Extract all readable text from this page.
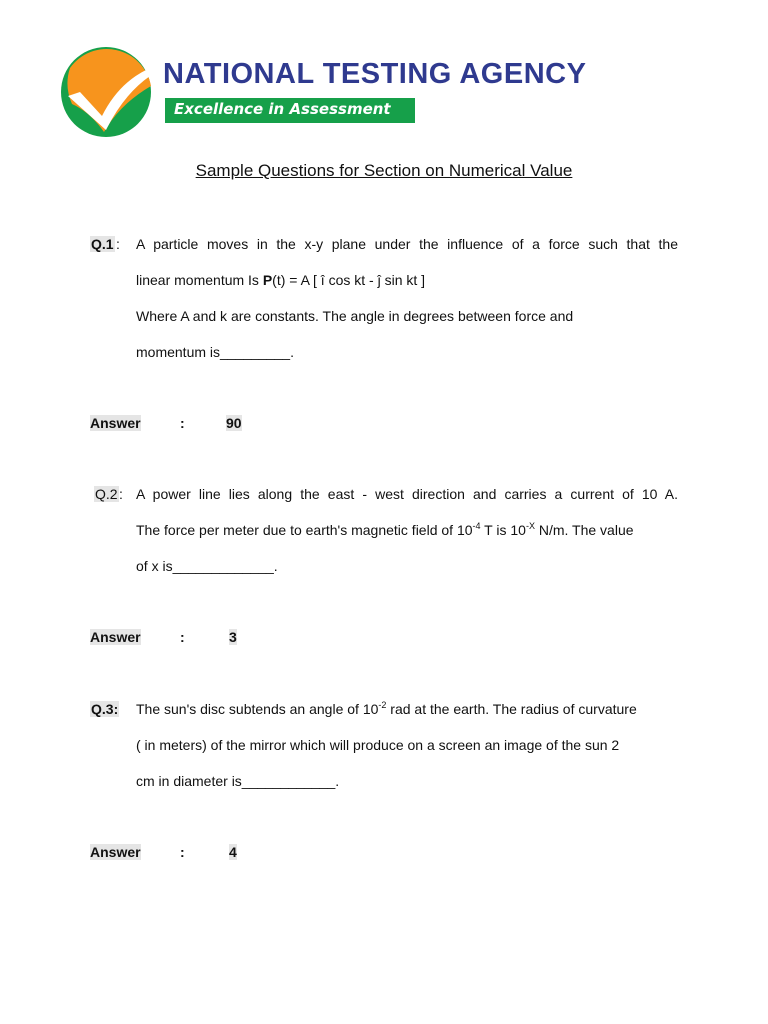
NATIONAL TESTING AGENCY
Excellence in Assessment
Sample Questions for Section on Numerical Value
Q.1 : A particle moves in the x-y plane under the influence of a force such that the
linear momentum Is P(t) = A [ î cos kt - ĵ sin kt ]
Where A and k are constants. The angle in degrees between force and
momentum is_________.
Answer	:	90
Q.2 : A power line lies along the east - west direction and carries a current of 10 A.
The force per meter due to earth's magnetic field of $10^{-4}$ T is $10^{-X}$ N/m. The value
of x is_____________.
Answer	:	3
Q.3: The sun's disc subtends an angle of $10^{-2}$ rad at the earth. The radius of curvature
( in meters) of the mirror which will produce on a screen an image of the sun 2
cm in diameter is____________.
Answer	:	4
